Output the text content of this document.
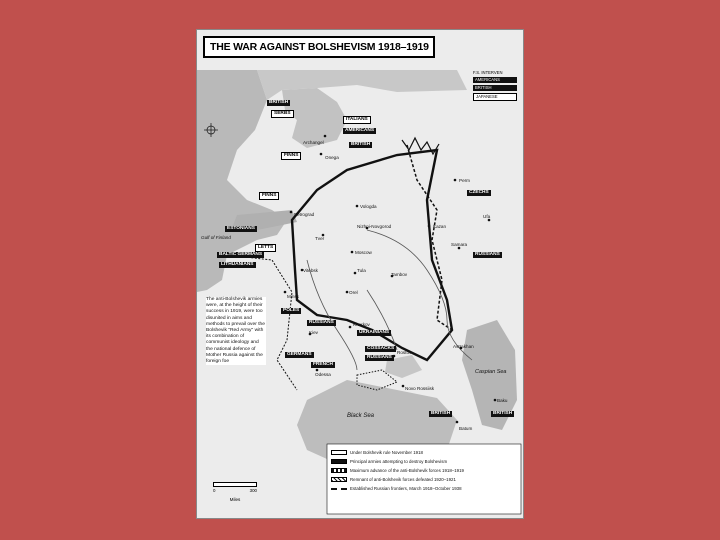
THE WAR AGAINST BOLSHEVISM 1918–1919
F.S. INTERVEN
AMERICANS
BRITISH
JAPANESE
BRITISH
SERBS
ITALIANS
AMERICANS
BRITISH
FINNS
FINNS
CZECHS
ESTONIANS
LETTS
BALTIC GERMANS
LITHUANIANS
RUSSIANS
POLES
RUSSIANS
UKRAINIANS
COSSACKS
RUSSIANS
GERMANS
FRENCH
BRITISH	BRITISH
Archangel
Onega
Perm
Petrograd
Vologda
Kazan
Ufa
Nizhni-Novgorod
Tver
Moscow
Samara
Vitebsk	Tula
Tambov
Minsk
Orel
Kiev
Kharkov
Rostov
Odessa
Novo Rossiisk
Astrakhan
Baku
Batum
Black Sea
Caspian Sea
Gulf of Finland
The anti-Bolshevik armies were, at the height of their success in 1919, were too disunited in aims and methods to prevail over the Bolshevik "Red Army" with its combination of communist ideology and the national defence of Mother Russia against the foreign foe
Under Bolshevik rule November 1918
Principal armies attempting to destroy Bolshevism
Maximum advance of the anti-Bolshevik forces 1918–1919
Remnant of anti-Bolshevik forces defeated 1920–1921
Established Russian frontiers, March 1918–October 1938
0	300
Miles
